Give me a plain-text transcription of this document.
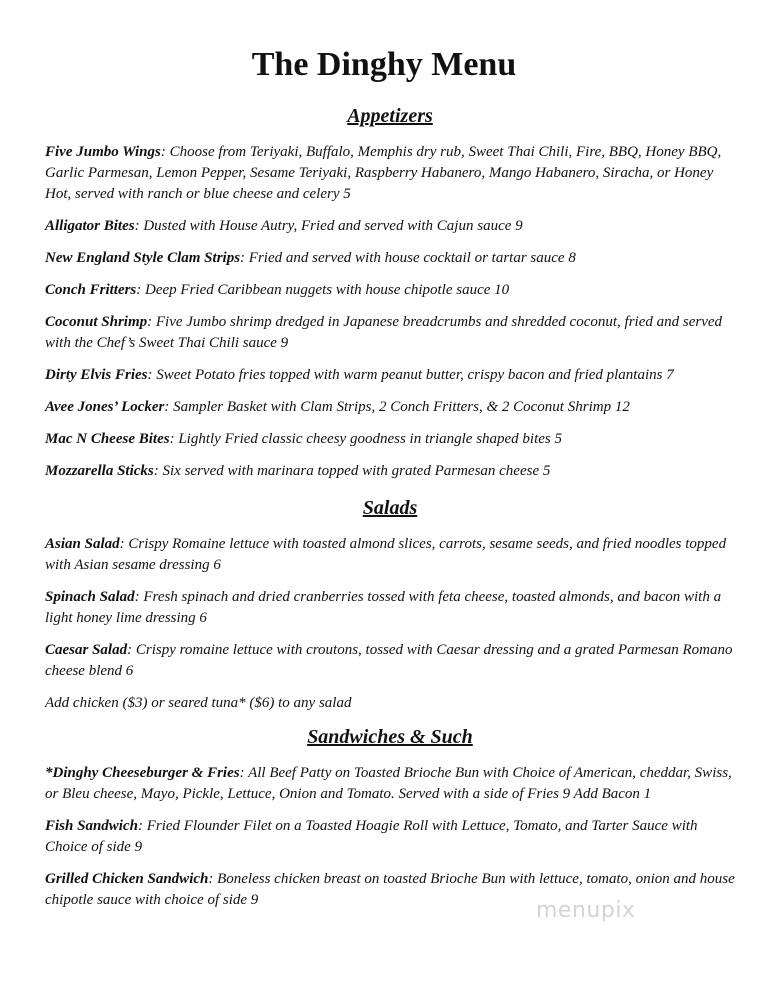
The Dinghy Menu
Appetizers

Five Jumbo Wings: Choose from Teriyaki, Buffalo, Memphis dry rub, Sweet Thai Chili, Fire, BBQ, Honey BBQ, Garlic Parmesan, Lemon Pepper, Sesame Teriyaki, Raspberry Habanero, Mango Habanero, Siracha, or Honey Hot, served with ranch or blue cheese and celery 5

Alligator Bites: Dusted with House Autry, Fried and served with Cajun sauce 9

New England Style Clam Strips: Fried and served with house cocktail or tartar sauce 8

Conch Fritters: Deep Fried Caribbean nuggets with house chipotle sauce 10

Coconut Shrimp: Five Jumbo shrimp dredged in Japanese breadcrumbs and shredded coconut, fried and served with the Chef’s Sweet Thai Chili sauce 9

Dirty Elvis Fries: Sweet Potato fries topped with warm peanut butter, crispy bacon and fried plantains 7

Avee Jones’ Locker: Sampler Basket with Clam Strips, 2 Conch Fritters, & 2 Coconut Shrimp 12

Mac N Cheese Bites: Lightly Fried classic cheesy goodness in triangle shaped bites 5

Mozzarella Sticks: Six served with marinara topped with grated Parmesan cheese 5

Salads

Asian Salad: Crispy Romaine lettuce with toasted almond slices, carrots, sesame seeds, and fried noodles topped with Asian sesame dressing 6

Spinach Salad: Fresh spinach and dried cranberries tossed with feta cheese, toasted almonds, and bacon with a light honey lime dressing 6

Caesar Salad: Crispy romaine lettuce with croutons, tossed with Caesar dressing and a grated Parmesan Romano cheese blend 6

Add chicken ($3) or seared tuna* ($6) to any salad

Sandwiches & Such

*Dinghy Cheeseburger & Fries: All Beef Patty on Toasted Brioche Bun with Choice of American, cheddar, Swiss, or Bleu cheese, Mayo, Pickle, Lettuce, Onion and Tomato. Served with a side of Fries 9 Add Bacon 1

Fish Sandwich: Fried Flounder Filet on a Toasted Hoagie Roll with Lettuce, Tomato, and Tarter Sauce with Choice of side 9

Grilled Chicken Sandwich: Boneless chicken breast on toasted Brioche Bun with lettuce, tomato, onion and house chipotle sauce with choice of side 9	menupix
